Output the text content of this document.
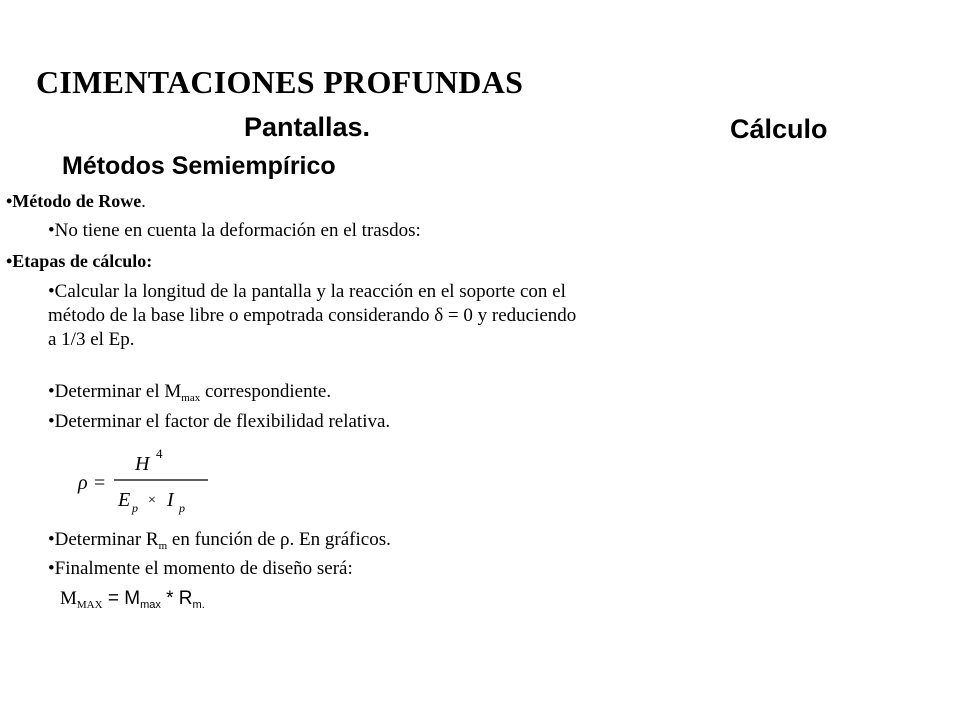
CIMENTACIONES PROFUNDAS
Pantallas.	Cálculo
Métodos Semiempírico
•Método de Rowe.
•No tiene en cuenta la deformación en el trasdos:
•Etapas de cálculo:
•Calcular la longitud de la pantalla y la reacción en el soporte con el método de la base libre o empotrada considerando δ = 0 y reduciendo a 1/3 el Ep.
•Determinar el $M_{max}$ correspondiente.
•Determinar el factor de flexibilidad relativa.
ρ =
H 4
E p × I p
•Determinar $R_m$ en función de ρ. En gráficos.
•Finalmente el momento de diseño será:
$M_{MAX} = M_{max} * R_{m.}$
